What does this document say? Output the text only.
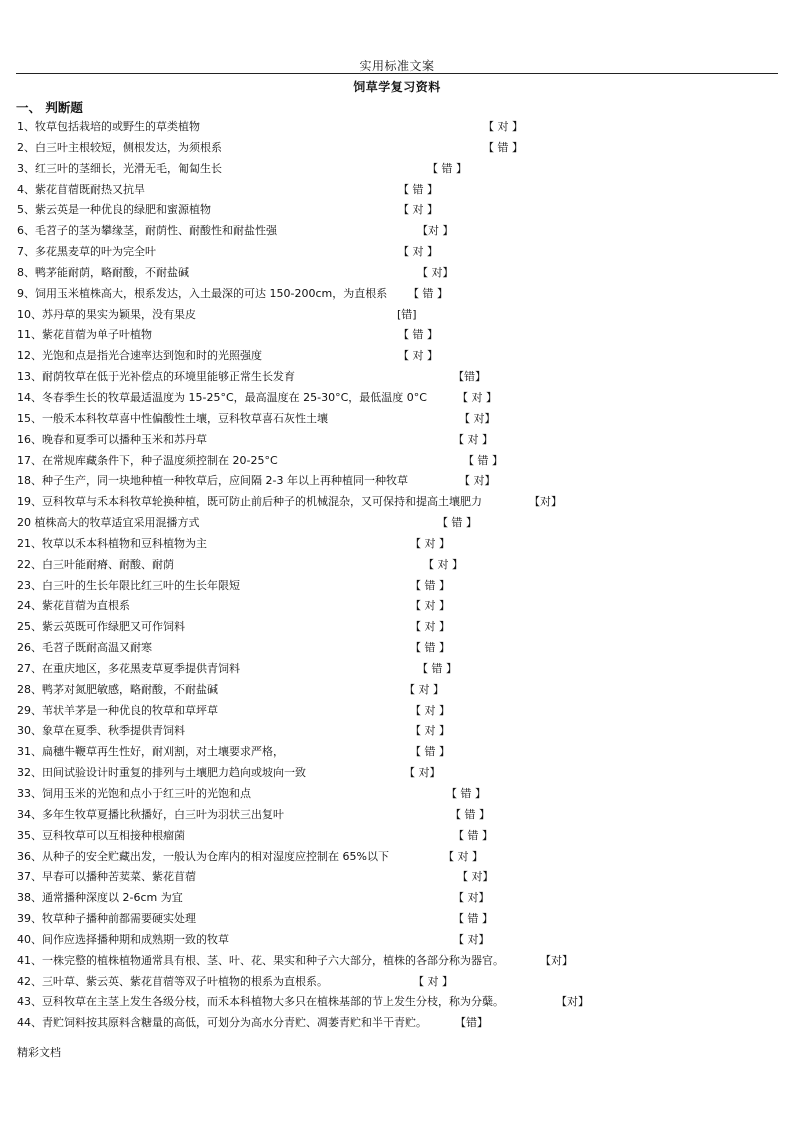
实用标准文案
饲草学复习资料
一、 判断题
1、牧草包括栽培的或野生的草类植物	【 对 】
2、白三叶主根较短，侧根发达，为须根系	【 错 】
3、红三叶的茎细长，光滑无毛，匍匐生长	【 错 】
4、紫花苜蓿既耐热又抗旱	【 错 】
5、紫云英是一种优良的绿肥和蜜源植物	【 对 】
6、毛苕子的茎为攀缘茎，耐荫性、耐酸性和耐盐性强	【对 】
7、多花黑麦草的叶为完全叶	【 对 】
8、鸭茅能耐荫，略耐酸，不耐盐碱	【 对】
9、饲用玉米植株高大，根系发达，入土最深的可达 150-200cm，为直根系 【 错 】
10、苏丹草的果实为颖果，没有果皮	[错]
11、紫花苜蓿为单子叶植物	【 错 】
12、光饱和点是指光合速率达到饱和时的光照强度	【 对 】
13、耐荫牧草在低于光补偿点的环境里能够正常生长发育	【错】
14、冬春季生长的牧草最适温度为 15-25°C，最高温度在 25-30°C，最低温度 0°C	【 对 】
15、一般禾本科牧草喜中性偏酸性土壤，豆科牧草喜石灰性土壤	【 对】
16、晚春和夏季可以播种玉米和苏丹草	【 对 】
17、在常规库藏条件下，种子温度须控制在 20-25°C	【 错 】
18、种子生产，同一块地种植一种牧草后，应间隔 2-3 年以上再种植同一种牧草	【 对】
19、豆科牧草与禾本科牧草轮换种植，既可防止前后种子的机械混杂，又可保持和提高土壤肥力	【对】
20 植株高大的牧草适宜采用混播方式	【 错 】
21、牧草以禾本科植物和豆科植物为主	【 对 】
22、白三叶能耐瘠、耐酸、耐荫	【 对 】
23、白三叶的生长年限比红三叶的生长年限短	【 错 】
24、紫花苜蓿为直根系	【 对 】
25、紫云英既可作绿肥又可作饲料	【 对 】
26、毛苕子既耐高温又耐寒	【 错 】
27、在重庆地区，多花黑麦草夏季提供青饲料	【 错 】
28、鸭茅对氮肥敏感，略耐酸，不耐盐碱	【 对 】
29、苇状羊茅是一种优良的牧草和草坪草	【 对 】
30、象草在夏季、秋季提供青饲料	【 对 】
31、扁穗牛鞭草再生性好，耐刈割，对土壤要求严格，	【 错 】
32、田间试验设计时重复的排列与土壤肥力趋向或坡向一致	【 对】
33、饲用玉米的光饱和点小于红三叶的光饱和点	【 错 】
34、多年生牧草夏播比秋播好，白三叶为羽状三出复叶	【 错 】
35、豆科牧草可以互相接种根瘤菌	【 错 】
36、从种子的安全贮藏出发，一般认为仓库内的相对湿度应控制在 65%以下	【 对 】
37、早春可以播种苦荬菜、紫花苜蓿	【 对】
38、通常播种深度以 2-6cm 为宜	【 对】
39、牧草种子播种前都需要硬实处理	【 错 】
40、间作应选择播种期和成熟期一致的牧草	【 对】
41、一株完整的植株植物通常具有根、茎、叶、花、果实和种子六大部分，植株的各部分称为器官。	【对】
42、三叶草、紫云英、紫花苜蓿等双子叶植物的根系为直根系。	【 对 】
43、豆科牧草在主茎上发生各级分枝，而禾本科植物大多只在植株基部的节上发生分枝，称为分蘖。	【对】
44、青贮饲料按其原料含糖量的高低，可划分为高水分青贮、凋萎青贮和半干青贮。	【错】
精彩文档
